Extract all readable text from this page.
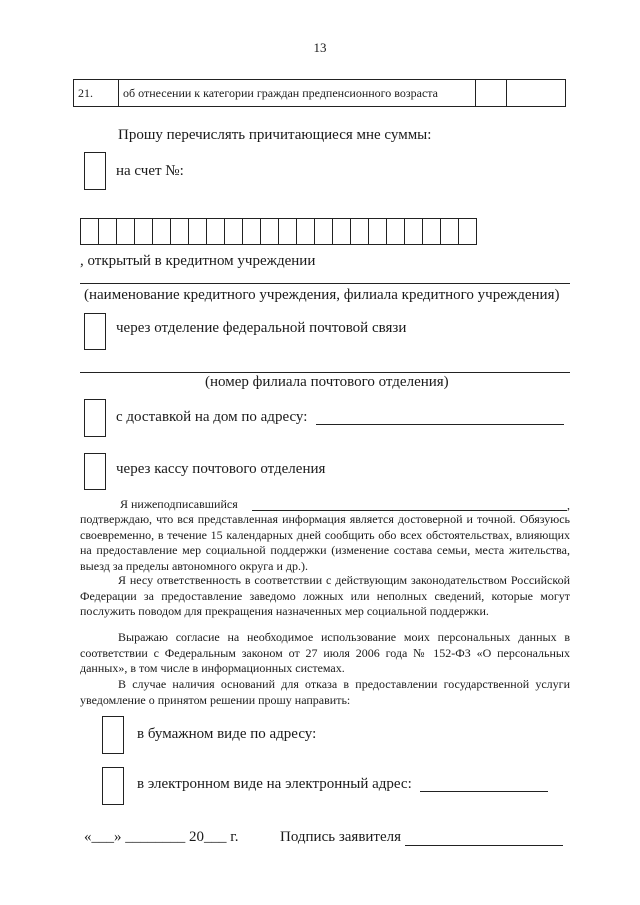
13
21.	об отнесении к категории граждан предпенсионного возраста		
Прошу перечислять причитающиеся мне суммы:
на счет №:
, открытый в кредитном учреждении
(наименование кредитного учреждения, филиала кредитного учреждения)
через отделение федеральной почтовой связи
(номер филиала почтового отделения)
с доставкой на дом по адресу:
через кассу почтового отделения
Я нижеподписавшийся	,
подтверждаю, что вся представленная информация является достоверной и точной. Обязуюсь своевременно, в течение 15 календарных дней сообщить обо всех обстоятельствах, влияющих на предоставление мер социальной поддержки (изменение состава семьи, места жительства, выезд за пределы автономного округа и др.).
Я несу ответственность в соответствии с действующим законодательством Российской Федерации за предоставление заведомо ложных или неполных сведений, которые могут послужить поводом для прекращения назначенных мер социальной поддержки.
Выражаю согласие на необходимое использование моих персональных данных в соответствии с Федеральным законом от 27 июля 2006 года № 152-ФЗ «О персональных данных», в том числе в информационных системах.
В случае наличия оснований для отказа в предоставлении государственной услуги уведомление о принятом решении прошу направить:
в бумажном виде по адресу:
в электронном виде на электронный адрес:
«___» ________ 20___ г.	Подпись заявителя
